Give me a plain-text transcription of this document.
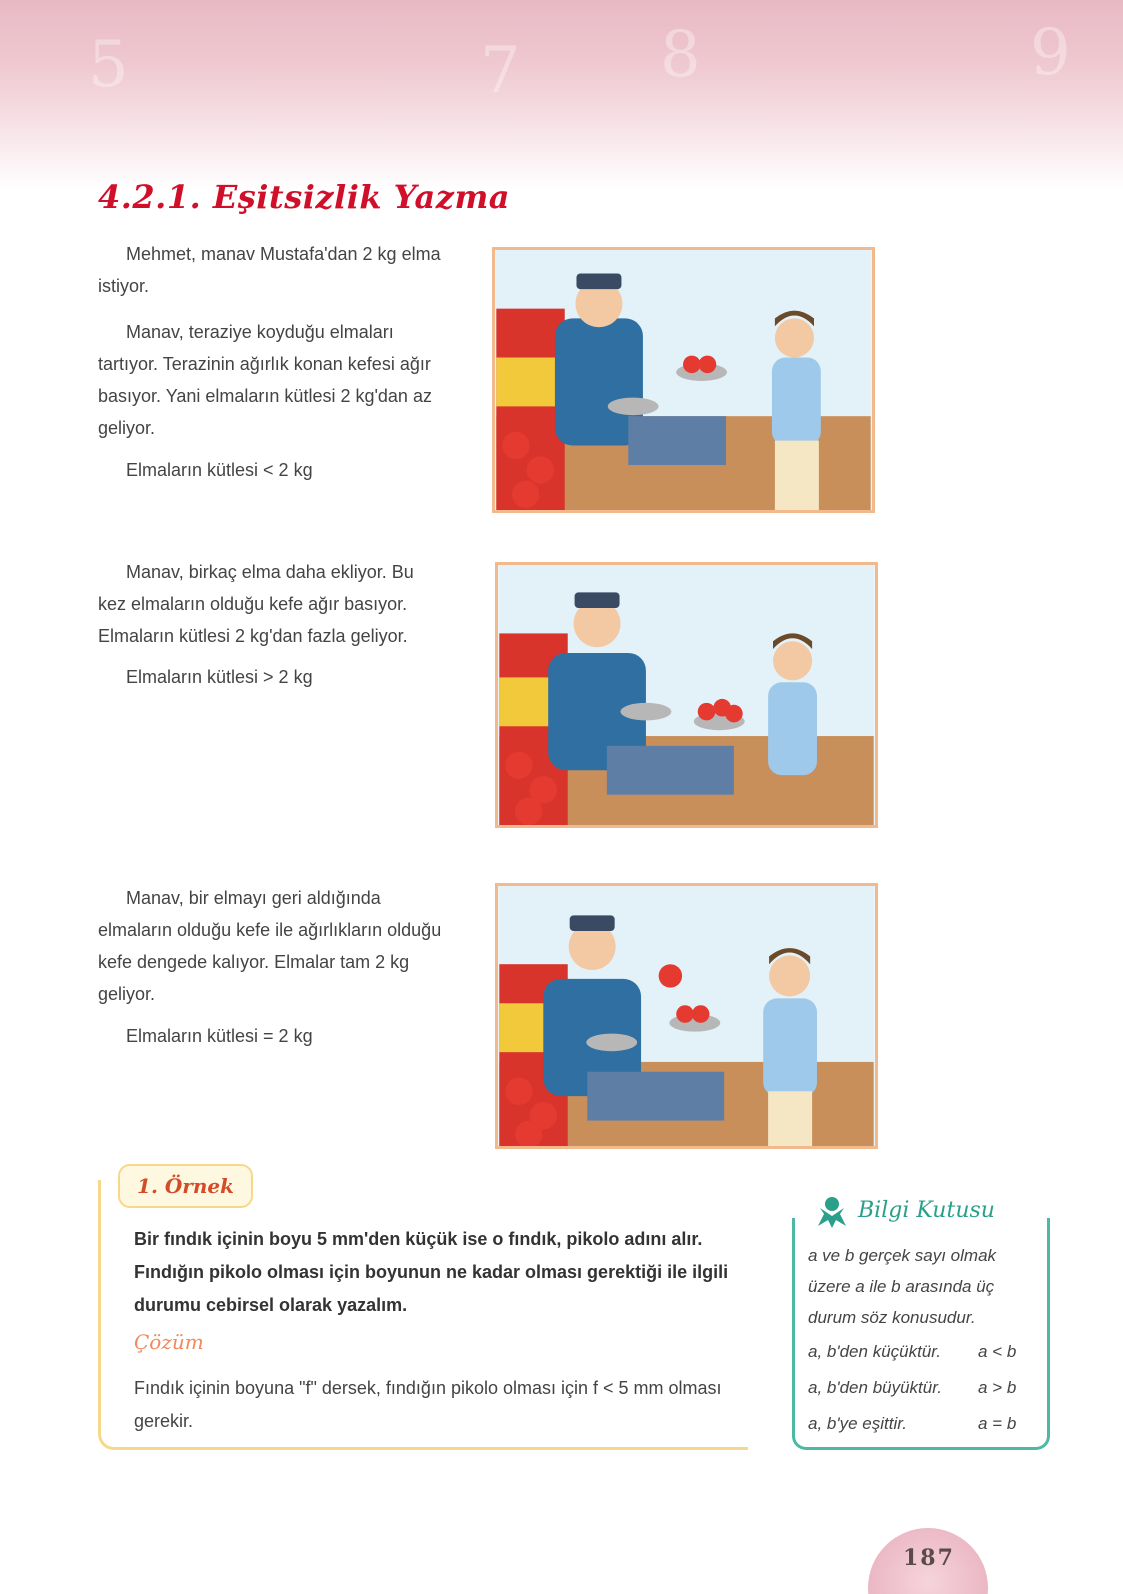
5	7 8	9
4.2.1. Eşitsizlik Yazma

Mehmet, manav Mustafa'dan 2 kg elma istiyor.

Manav, teraziye koyduğu elmaları tartıyor. Terazinin ağırlık konan kefesi ağır basıyor. Yani elmaların kütlesi 2 kg'dan az geliyor.

Elmaların kütlesi < 2 kg

Manav, birkaç elma daha ekliyor. Bu kez elmaların olduğu kefe ağır basıyor. Elmaların kütlesi 2 kg'dan fazla geliyor.

Elmaların kütlesi > 2 kg

Manav, bir elmayı geri aldığında elmaların olduğu kefe ile ağırlıkların olduğu kefe dengede kalıyor. Elmalar tam 2 kg geliyor.

Elmaların kütlesi = 2 kg

1. Örnek

Bir fındık içinin boyu 5 mm'den küçük ise o fındık, pikolo adını alır. Fındığın pikolo olması için boyunun ne kadar olması gerektiği ile ilgili durumu cebirsel olarak yazalım.

Çözüm

Fındık içinin boyuna "f" dersek, fındığın pikolo olması için f < 5 mm olması gerekir.

Bilgi Kutusu

a ve b gerçek sayı olmak üzere a ile b arasında üç durum söz konusudur.

a, b'den küçüktür. a < b
a, b'den büyüktür. a > b
a, b'ye eşittir.	a = b
187
